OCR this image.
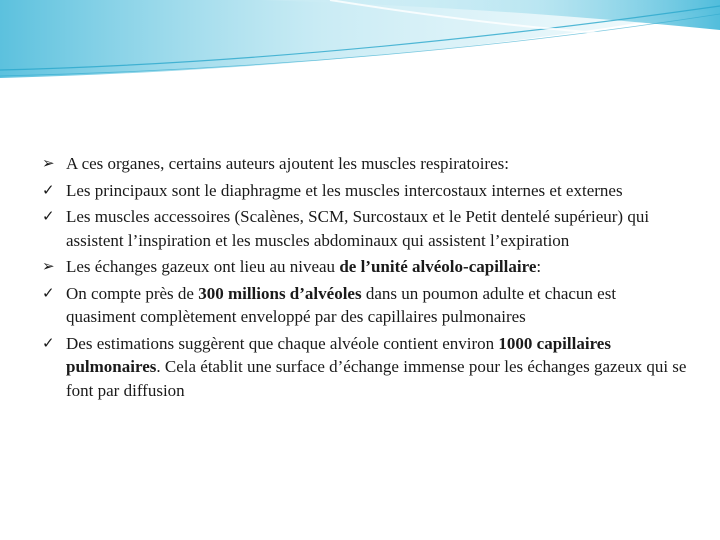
➢ A ces organes, certains auteurs ajoutent les muscles respiratoires:
✓ Les principaux sont le diaphragme et les muscles intercostaux internes et externes
✓ Les muscles accessoires (Scalènes, SCM, Surcostaux et le Petit dentelé supérieur) qui assistent l’inspiration et les muscles abdominaux qui assistent l’expiration
➢ Les échanges gazeux ont lieu au niveau de l’unité alvéolo-capillaire:
✓ On compte près de 300 millions d’alvéoles dans un poumon adulte et chacun est quasiment complètement enveloppé par des capillaires pulmonaires
✓ Des estimations suggèrent que chaque alvéole contient environ 1000 capillaires pulmonaires. Cela établit une surface d’échange immense pour les échanges gazeux qui se font par diffusion
